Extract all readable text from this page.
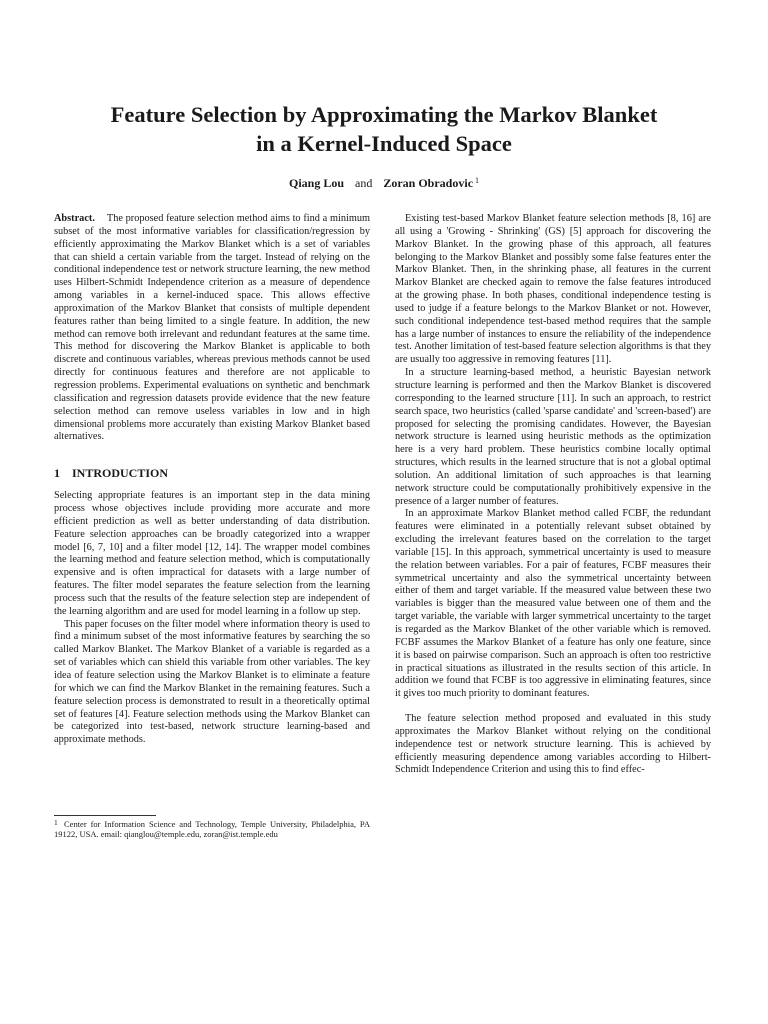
Feature Selection by Approximating the Markov Blanket
in a Kernel-Induced Space
Qiang Lou and Zoran Obradovic $^1$

Abstract. The proposed feature selection method aims to find a minimum subset of the most informative variables for classification/regression by efficiently approximating the Markov Blanket which is a set of variables that can shield a certain variable from the target. Instead of relying on the conditional independence test or network structure learning, the new method uses Hilbert-Schmidt Independence criterion as a measure of dependence among variables in a kernel-induced space. This allows effective approximation of the Markov Blanket that consists of multiple dependent features rather than being limited to a single feature. In addition, the new method can remove both irrelevant and redundant features at the same time. This method for discovering the Markov Blanket is applicable to both discrete and continuous variables, whereas previous methods cannot be used directly for continuous features and therefore are not applicable to regression problems. Experimental evaluations on synthetic and benchmark classification and regression datasets provide evidence that the new feature selection method can remove useless variables in low and in high dimensional problems more accurately than existing Markov Blanket based alternatives.

1 INTRODUCTION

Selecting appropriate features is an important step in the data mining process whose objectives include providing more accurate and more efficient prediction as well as better understanding of data distribution. Feature selection approaches can be broadly categorized into a wrapper model [6, 7, 10] and a filter model [12, 14]. The wrapper model combines the learning method and feature selection method, which is computationally expensive and is often impractical for datasets with a large number of features. The filter model separates the feature selection from the learning process such that the results of the feature selection step are independent of the learning algorithm and are used for model learning in a follow up step.

This paper focuses on the filter model where information theory is used to find a minimum subset of the most informative features by searching the so called Markov Blanket. The Markov Blanket of a variable is regarded as a set of variables which can shield this variable from other variables. The key idea of feature selection using the Markov Blanket is to eliminate a feature for which we can find the Markov Blanket in the remaining features. Such a feature selection process is demonstrated to result in a theoretically optimal set of features [4]. Feature selection methods using the Markov Blanket can be categorized into test-based, network structure learning-based and approximate methods.

1 Center for Information Science and Technology, Temple University, Philadelphia, PA 19122, USA. email: qianglou@temple.edu, zoran@ist.temple.edu

Existing test-based Markov Blanket feature selection methods [8, 16] are all using a 'Growing - Shrinking' (GS) [5] approach for discovering the Markov Blanket. In the growing phase of this approach, all features belonging to the Markov Blanket and possibly some false features enter the Markov Blanket. Then, in the shrinking phase, all features in the current Markov Blanket are checked again to remove the false features introduced at the growing phase. In both phases, conditional independence testing is used to judge if a feature belongs to the Markov Blanket or not. However, such conditional independence test-based method requires that the sample has a large number of instances to ensure the reliability of the independence test. Another limitation of test-based feature selection algorithms is that they are usually too aggressive in removing features [11].

In a structure learning-based method, a heuristic Bayesian network structure learning is performed and then the Markov Blanket is discovered corresponding to the learned structure [11]. In such an approach, to restrict search space, two heuristics (called 'sparse candidate' and 'screen-based') are proposed for selecting the promising candidates. However, the Bayesian network structure is learned using heuristic methods as the optimization here is a very hard problem. These heuristics combine locally optimal structures, which results in the learned structure that is not a global optimal solution. An additional limitation of such approaches is that learning network structure could be computationally prohibitively expensive in the presence of a larger number of features.

In an approximate Markov Blanket method called FCBF, the redundant features were eliminated in a potentially relevant subset obtained by excluding the irrelevant features based on the correlation to the target variable [15]. In this approach, symmetrical uncertainty is used to measure the relation between variables. For a pair of features, FCBF measures their symmetrical uncertainty and also the symmetrical uncertainty between either of them and target variable. If the measured value between these two variables is bigger than the measured value between one of them and the target variable, the variable with larger symmetrical uncertainty to the target is regarded as the Markov Blanket of the other variable which is removed. FCBF assumes the Markov Blanket of a feature has only one feature, since it is based on pairwise comparison. Such an approach is often too restrictive in practical situations as illustrated in the results section of this article. In addition we found that FCBF is too aggressive in eliminating features, since it gives too much priority to dominant features.

The feature selection method proposed and evaluated in this study approximates the Markov Blanket without relying on the conditional independence test or network structure learning. This is achieved by efficiently measuring dependence among variables according to Hilbert-Schmidt Independence Criterion and using this to find effec-
